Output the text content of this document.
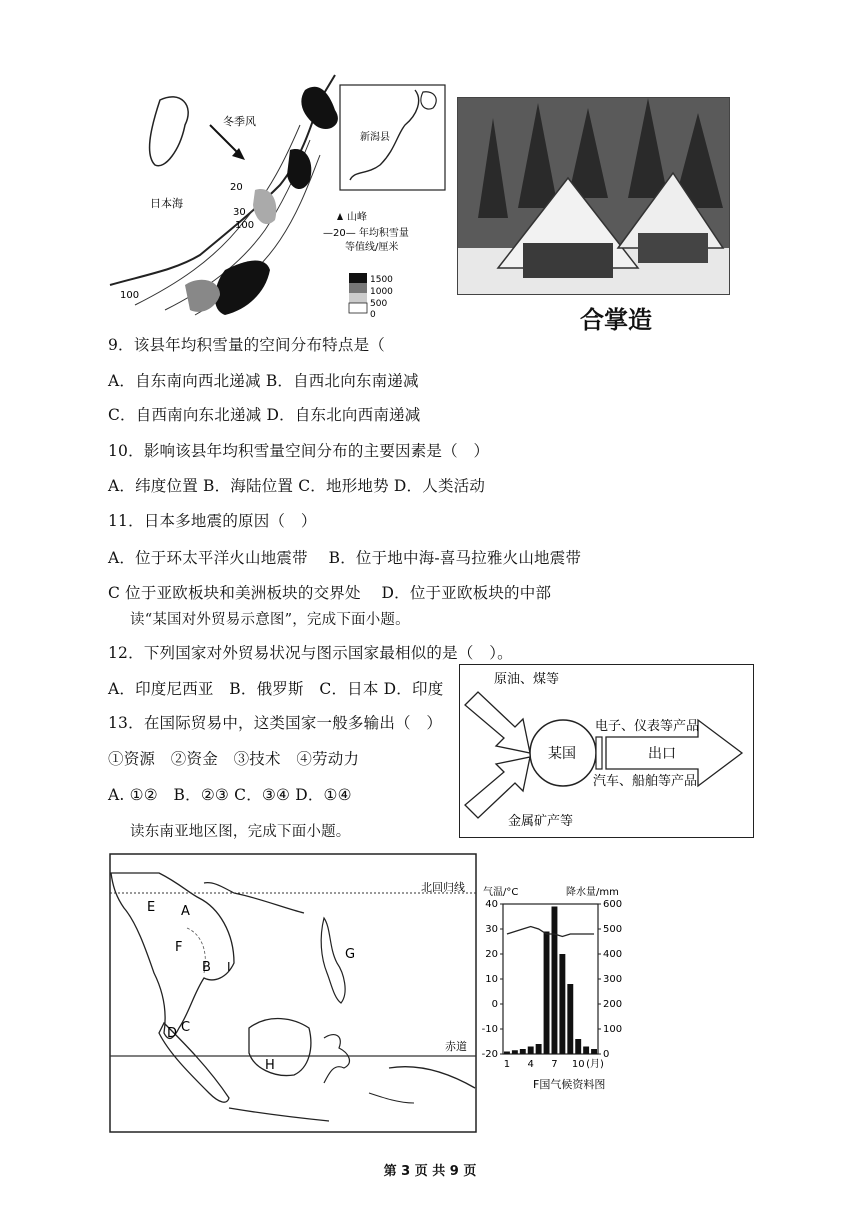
冬季风
日本海
20
30
100
100
新潟县
山峰
—20— 年均积雪量
等值线/厘米
1500
1000
500
0	合掌造
9．该县年均积雪量的空间分布特点是（
A．自东南向西北递减 B．自西北向东南递减
C．自西南向东北递减 D．自东北向西南递减
10．影响该县年均积雪量空间分布的主要因素是（　）
A．纬度位置 B．海陆位置 C．地形地势 D．人类活动
11．日本多地震的原因（　）
A．位于环太平洋火山地震带　 B．位于地中海-喜马拉雅火山地震带
C 位于亚欧板块和美洲板块的交界处　 D．位于亚欧板块的中部
读“某国对外贸易示意图”，完成下面小题。
12．下列国家对外贸易状况与图示国家最相似的是（　）。
A．印度尼西亚　B．俄罗斯　C．日本 D．印度
13．在国际贸易中，这类国家一般多输出（　）
①资源　②资金　③技术　④劳动力
A. ①②　B．②③ C．③④ D．①④
读东南亚地区图，完成下面小题。
原油、煤等
金属矿产等
某国
电子、仪表等产品
出口
汽车、船舶等产品
E A
F
B I
D C
G
H
北回归线
赤道
气温/°C	降水量/mm
40
30
20
10
0
-10
-20
600
500
400
300
200
100
0
1 4 7 10 (月)
F国气候资料图
第 3 页 共 9 页
